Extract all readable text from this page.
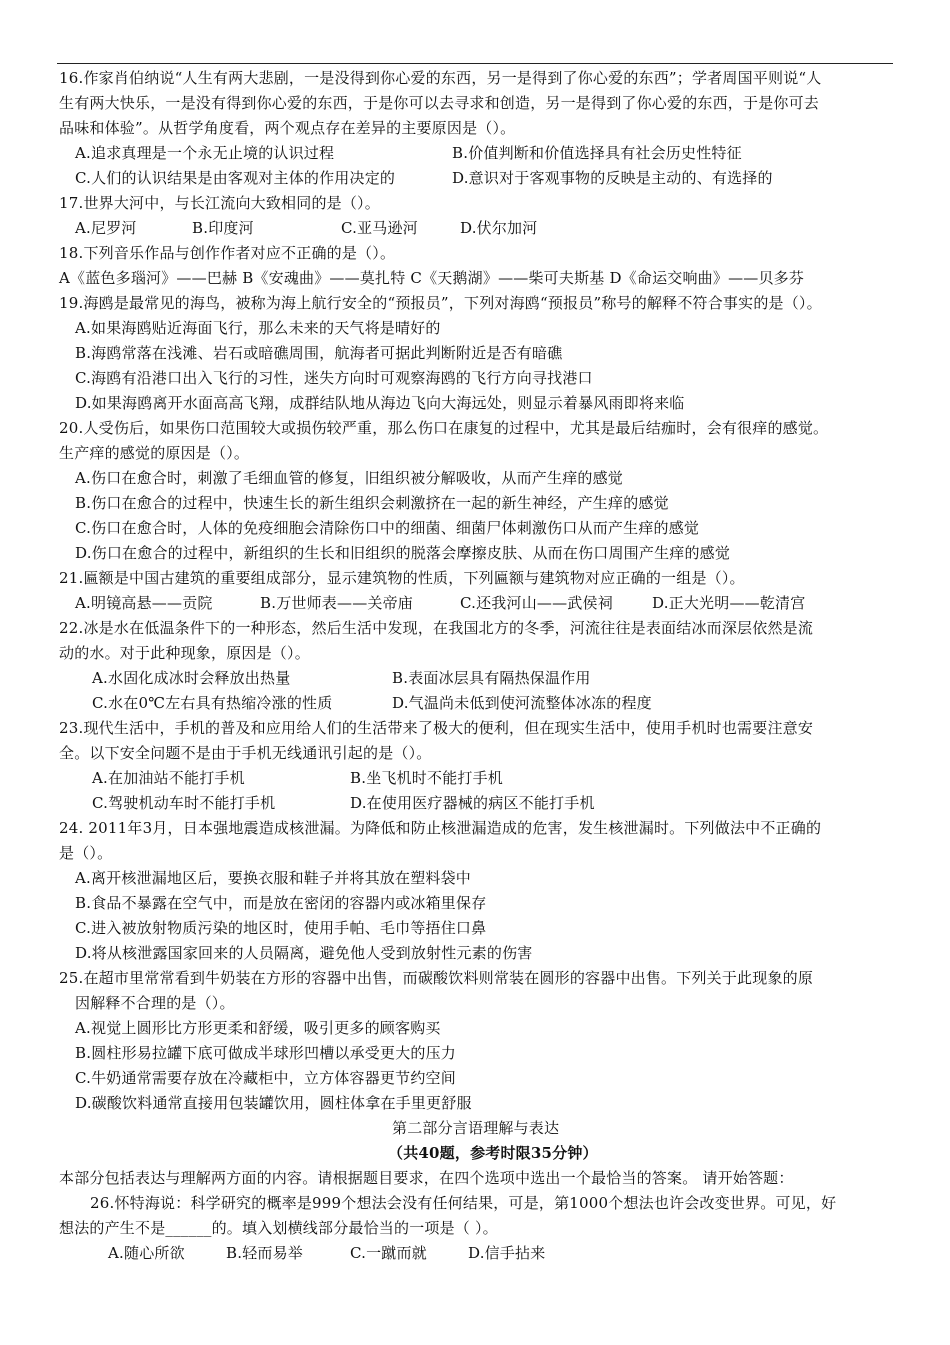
16.作家肖伯纳说“人生有两大悲剧，一是没得到你心爱的东西，另一是得到了你心爱的东西”；学者周国平则说“人
生有两大快乐，一是没有得到你心爱的东西，于是你可以去寻求和创造，另一是得到了你心爱的东西，于是你可去
品味和体验”。从哲学角度看，两个观点存在差异的主要原因是（）。
A.追求真理是一个永无止境的认识过程	B.价值判断和价值选择具有社会历史性特征
C.人们的认识结果是由客观对主体的作用决定的	D.意识对于客观事物的反映是主动的、有选择的
17.世界大河中，与长江流向大致相同的是（）。
A.尼罗河	B.印度河	C.亚马逊河	D.伏尔加河
18.下列音乐作品与创作作者对应不正确的是（）。
A《蓝色多瑙河》——巴赫 B《安魂曲》——莫扎特 C《天鹅湖》——柴可夫斯基 D《命运交响曲》——贝多芬
19.海鸥是最常见的海鸟，被称为海上航行安全的“预报员”，下列对海鸥“预报员”称号的解释不符合事实的是（）。
A.如果海鸥贴近海面飞行，那么未来的天气将是晴好的
B.海鸥常落在浅滩、岩石或暗礁周围，航海者可据此判断附近是否有暗礁
C.海鸥有沿港口出入飞行的习性，迷失方向时可观察海鸥的飞行方向寻找港口
D.如果海鸥离开水面高高飞翔，成群结队地从海边飞向大海远处，则显示着暴风雨即将来临
20.人受伤后，如果伤口范围较大或损伤较严重，那么伤口在康复的过程中，尤其是最后结痂时，会有很痒的感觉。
生产痒的感觉的原因是（）。
A.伤口在愈合时，刺激了毛细血管的修复，旧组织被分解吸收，从而产生痒的感觉
B.伤口在愈合的过程中，快速生长的新生组织会刺激挤在一起的新生神经，产生痒的感觉
C.伤口在愈合时，人体的免疫细胞会清除伤口中的细菌、细菌尸体刺激伤口从而产生痒的感觉
D.伤口在愈合的过程中，新组织的生长和旧组织的脱落会摩擦皮肤、从而在伤口周围产生痒的感觉
21.匾额是中国古建筑的重要组成部分，显示建筑物的性质，下列匾额与建筑物对应正确的一组是（）。
A.明镜高悬——贡院	B.万世师表——关帝庙	C.还我河山——武侯祠	D.正大光明——乾清宫
22.冰是水在低温条件下的一种形态，然后生活中发现，在我国北方的冬季，河流往往是表面结冰而深层依然是流
动的水。对于此种现象，原因是（）。
A.水固化成冰时会释放出热量	B.表面冰层具有隔热保温作用
C.水在0℃左右具有热缩冷涨的性质	D.气温尚未低到使河流整体冰冻的程度
23.现代生活中，手机的普及和应用给人们的生活带来了极大的便利，但在现实生活中，使用手机时也需要注意安
全。以下安全问题不是由于手机无线通讯引起的是（）。
A.在加油站不能打手机	B.坐飞机时不能打手机
C.驾驶机动车时不能打手机	D.在使用医疗器械的病区不能打手机
24. 2011年3月，日本强地震造成核泄漏。为降低和防止核泄漏造成的危害，发生核泄漏时。下列做法中不正确的
是（）。
A.离开核泄漏地区后，要换衣服和鞋子并将其放在塑料袋中
B.食品不暴露在空气中，而是放在密闭的容器内或冰箱里保存
C.进入被放射物质污染的地区时，使用手帕、毛巾等捂住口鼻
D.将从核泄露国家回来的人员隔离，避免他人受到放射性元素的伤害
25.在超市里常常看到牛奶装在方形的容器中出售，而碳酸饮料则常装在圆形的容器中出售。下列关于此现象的原
因解释不合理的是（）。
A.视觉上圆形比方形更柔和舒缓，吸引更多的顾客购买
B.圆柱形易拉罐下底可做成半球形凹槽以承受更大的压力
C.牛奶通常需要存放在冷藏柜中，立方体容器更节约空间
D.碳酸饮料通常直接用包装罐饮用，圆柱体拿在手里更舒服
第二部分言语理解与表达
（共40题，参考时限35分钟）
本部分包括表达与理解两方面的内容。请根据题目要求，在四个选项中选出一个最恰当的答案。 请开始答题：
26.怀特海说：科学研究的概率是999个想法会没有任何结果，可是，第1000个想法也许会改变世界。可见，好
想法的产生不是______的。填入划横线部分最恰当的一项是（ ）。
A.随心所欲	B.轻而易举	C.一蹴而就	D.信手拈来
